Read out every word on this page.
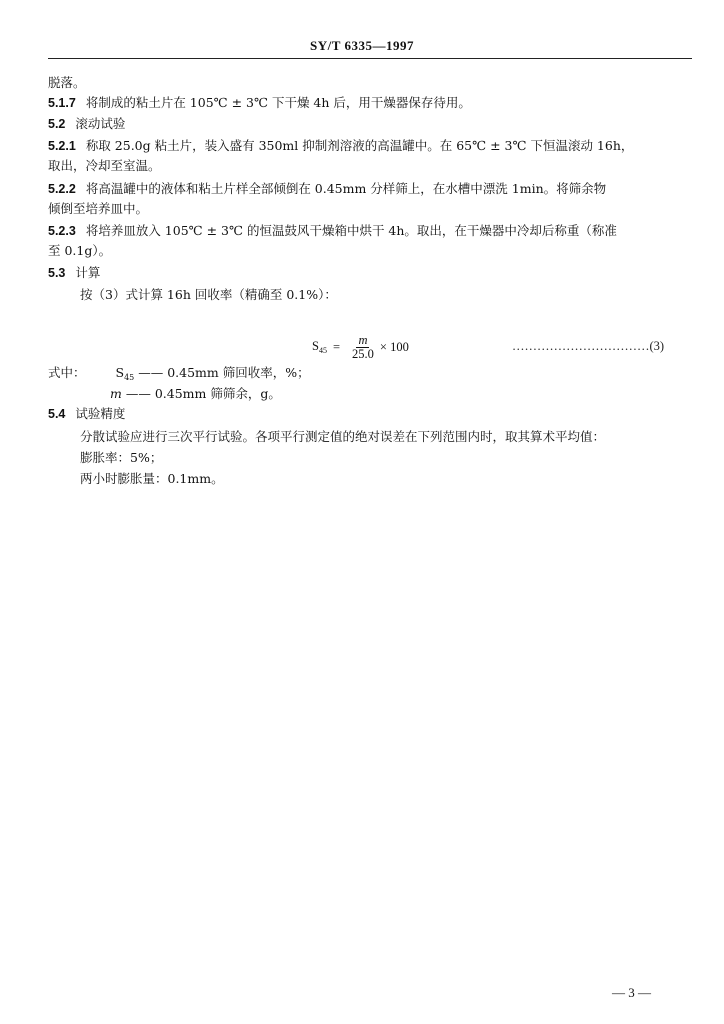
SY/T 6335—1997
脱落。
5.1.7 将制成的粘土片在 105℃ ± 3℃ 下干燥 4h 后，用干燥器保存待用。
5.2 滚动试验
5.2.1 称取 25.0g 粘土片，装入盛有 350ml 抑制剂溶液的高温罐中。在 65℃ ± 3℃ 下恒温滚动 16h，
取出，冷却至室温。
5.2.2 将高温罐中的液体和粘土片样全部倾倒在 0.45mm 分样筛上，在水槽中漂洗 1min。将筛余物
倾倒至培养皿中。
5.2.3 将培养皿放入 105℃ ± 3℃ 的恒温鼓风干燥箱中烘干 4h。取出，在干燥器中冷却后称重（称准
至 0.1g）。
5.3 计算
按（3）式计算 16h 回收率（精确至 0.1%）：
$S_{45} = \frac{m}{25.0} \times 100$	……………………………(3)
式中： $S_{45}$ —— 0.45mm 筛回收率，%；
m —— 0.45mm 筛筛余，g。
5.4 试验精度
分散试验应进行三次平行试验。各项平行测定值的绝对误差在下列范围内时，取其算术平均值：
膨胀率：5%；
两小时膨胀量：0.1mm。
— 3 —
